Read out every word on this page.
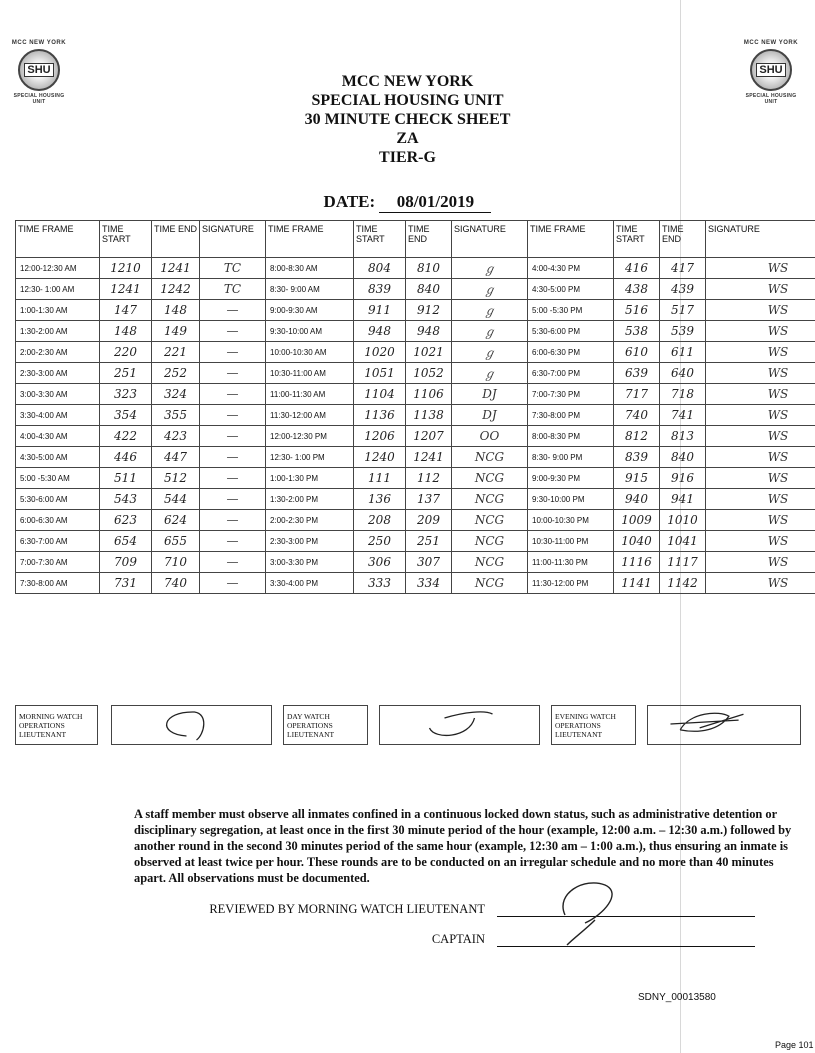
MCC NEW YORK
SHU
SPECIAL HOUSING UNIT
MCC NEW YORK
SHU
SPECIAL HOUSING UNIT
MCC NEW YORK
SPECIAL HOUSING UNIT
30 MINUTE CHECK SHEET
ZA
TIER-G
DATE: 08/01/2019
TIME FRAME	TIME START	TIME END	SIGNATURE	TIME FRAME	TIME START	TIME END	SIGNATURE	TIME FRAME	TIME START	TIME END	SIGNATURE
12:00-12:30 AM	1210	1241	TC	8:00-8:30 AM	804	810	ℊ	4:00-4:30 PM	416	417	WS
12:30- 1:00 AM	1241	1242	TC	8:30- 9:00 AM	839	840	ℊ	4:30-5:00 PM	438	439	WS
1:00-1:30 AM	147	148	—	9:00-9:30 AM	911	912	ℊ	5:00 -5:30 PM	516	517	WS
1:30-2:00 AM	148	149	—	9:30-10:00 AM	948	948	ℊ	5:30-6:00 PM	538	539	WS
2:00-2:30 AM	220	221	—	10:00-10:30 AM	1020	1021	ℊ	6:00-6:30 PM	610	611	WS
2:30-3:00 AM	251	252	—	10:30-11:00 AM	1051	1052	ℊ	6:30-7:00 PM	639	640	WS
3:00-3:30 AM	323	324	—	11:00-11:30 AM	1104	1106	DJ	7:00-7:30 PM	717	718	WS
3:30-4:00 AM	354	355	—	11:30-12:00 AM	1136	1138	DJ	7:30-8:00 PM	740	741	WS
4:00-4:30 AM	422	423	—	12:00-12:30 PM	1206	1207	OO	8:00-8:30 PM	812	813	WS
4:30-5:00 AM	446	447	—	12:30- 1:00 PM	1240	1241	NCG	8:30- 9:00 PM	839	840	WS
5:00 -5:30 AM	511	512	—	1:00-1:30 PM	111	112	NCG	9:00-9:30 PM	915	916	WS
5:30-6:00 AM	543	544	—	1:30-2:00 PM	136	137	NCG	9:30-10:00 PM	940	941	WS
6:00-6:30 AM	623	624	—	2:00-2:30 PM	208	209	NCG	10:00-10:30 PM	1009	1010	WS
6:30-7:00 AM	654	655	—	2:30-3:00 PM	250	251	NCG	10:30-11:00 PM	1040	1041	WS
7:00-7:30 AM	709	710	—	3:00-3:30 PM	306	307	NCG	11:00-11:30 PM	1116	1117	WS
7:30-8:00 AM	731	740	—	3:30-4:00 PM	333	334	NCG	11:30-12:00 PM	1141	1142	WS
MORNING WATCH OPERATIONS LIEUTENANT				DAY WATCH OPERATIONS LIEUTENANT				EVENING WATCH OPERATIONS LIEUTENANT		
A staff member must observe all inmates confined in a continuous locked down status, such as administrative detention or disciplinary segregation, at least once in the first 30 minute period of the hour (example, 12:00 a.m. – 12:30 a.m.) followed by another round in the second 30 minutes period of the same hour (example, 12:30 am – 1:00 a.m.), thus ensuring an inmate is observed at least twice per hour. These rounds are to be conducted on an irregular schedule and no more than 40 minutes apart. All observations must be documented.
REVIEWED BY MORNING WATCH LIEUTENANT
CAPTAIN
SDNY_00013580
Page 101
